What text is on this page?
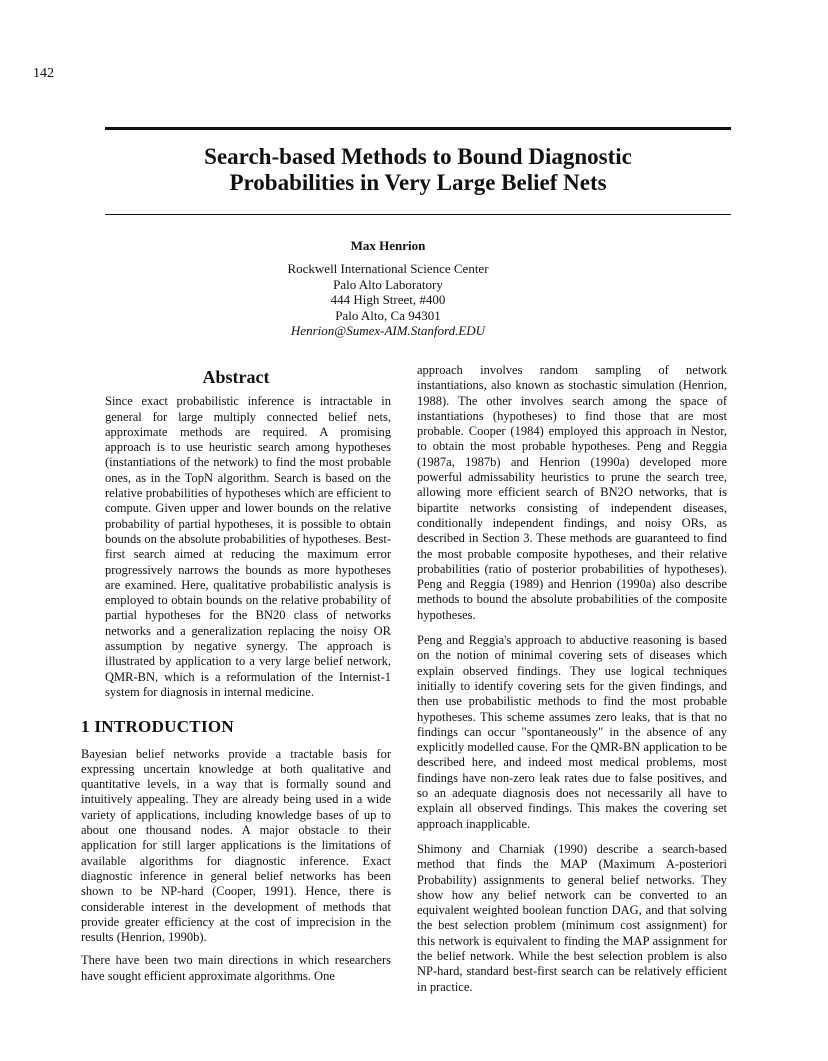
142
Search-based Methods to Bound Diagnostic
Probabilities in Very Large Belief Nets
Max Henrion
Rockwell International Science Center
Palo Alto Laboratory
444 High Street, #400
Palo Alto, Ca 94301
Henrion@Sumex-AIM.Stanford.EDU
Abstract

Since exact probabilistic inference is intractable in general for large multiply connected belief nets, approximate methods are required. A promising approach is to use heuristic search among hypotheses (instantiations of the network) to find the most probable ones, as in the TopN algorithm. Search is based on the relative probabilities of hypotheses which are efficient to compute. Given upper and lower bounds on the relative probability of partial hypotheses, it is possible to obtain bounds on the absolute probabilities of hypotheses. Best-first search aimed at reducing the maximum error progressively narrows the bounds as more hypotheses are examined. Here, qualitative probabilistic analysis is employed to obtain bounds on the relative probability of partial hypotheses for the BN20 class of networks networks and a generalization replacing the noisy OR assumption by negative synergy. The approach is illustrated by application to a very large belief network, QMR-BN, which is a reformulation of the Internist-1 system for diagnosis in internal medicine.

1 INTRODUCTION

Bayesian belief networks provide a tractable basis for expressing uncertain knowledge at both qualitative and quantitative levels, in a way that is formally sound and intuitively appealing. They are already being used in a wide variety of applications, including knowledge bases of up to about one thousand nodes. A major obstacle to their application for still larger applications is the limitations of available algorithms for diagnostic inference. Exact diagnostic inference in general belief networks has been shown to be NP-hard (Cooper, 1991). Hence, there is considerable interest in the development of methods that provide greater efficiency at the cost of imprecision in the results (Henrion, 1990b).

There have been two main directions in which researchers have sought efficient approximate algorithms. One

approach involves random sampling of network instantiations, also known as stochastic simulation (Henrion, 1988). The other involves search among the space of instantiations (hypotheses) to find those that are most probable. Cooper (1984) employed this approach in Nestor, to obtain the most probable hypotheses. Peng and Reggia (1987a, 1987b) and Henrion (1990a) developed more powerful admissability heuristics to prune the search tree, allowing more efficient search of BN2O networks, that is bipartite networks consisting of independent diseases, conditionally independent findings, and noisy ORs, as described in Section 3. These methods are guaranteed to find the most probable composite hypotheses, and their relative probabilities (ratio of posterior probabilities of hypotheses). Peng and Reggia (1989) and Henrion (1990a) also describe methods to bound the absolute probabilities of the composite hypotheses.

Peng and Reggia's approach to abductive reasoning is based on the notion of minimal covering sets of diseases which explain observed findings. They use logical techniques initially to identify covering sets for the given findings, and then use probabilistic methods to find the most probable hypotheses. This scheme assumes zero leaks, that is that no findings can occur "spontaneously" in the absence of any explicitly modelled cause. For the QMR-BN application to be described here, and indeed most medical problems, most findings have non-zero leak rates due to false positives, and so an adequate diagnosis does not necessarily all have to explain all observed findings. This makes the covering set approach inapplicable.

Shimony and Charniak (1990) describe a search-based method that finds the MAP (Maximum A-posteriori Probability) assignments to general belief networks. They show how any belief network can be converted to an equivalent weighted boolean function DAG, and that solving the best selection problem (minimum cost assignment) for this network is equivalent to finding the MAP assignment for the belief network. While the best selection problem is also NP-hard, standard best-first search can be relatively efficient in practice.
